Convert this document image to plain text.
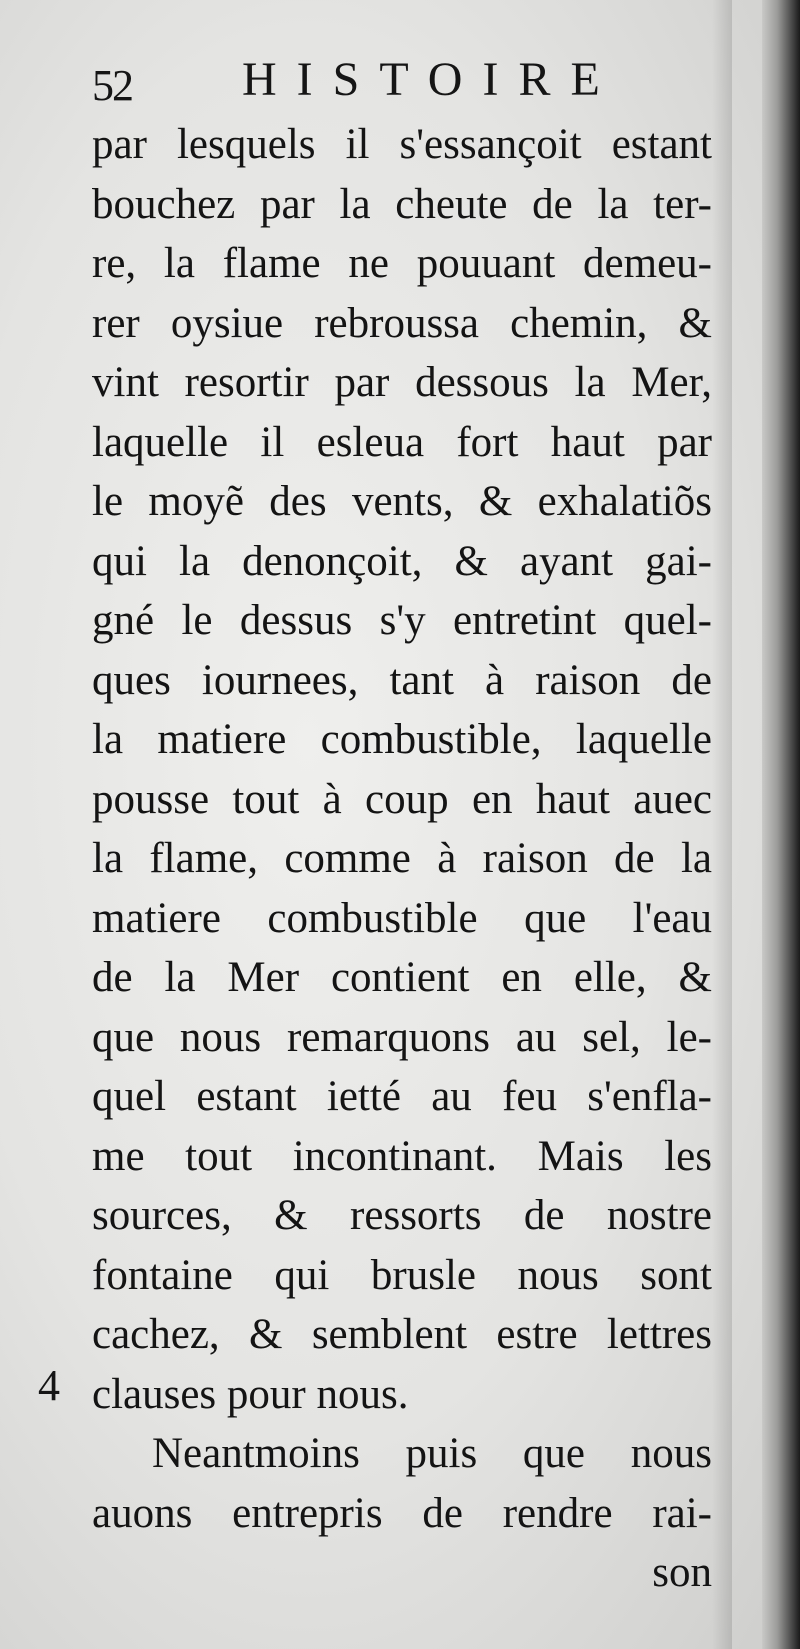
52 HISTOIRE
par lesquels il s'essançoit estant
bouchez par la cheute de la ter-
re, la flame ne pouuant demeu-
rer oysiue rebroussa chemin, &
vint resortir par dessous la Mer,
laquelle il esleua fort haut par
le moyẽ des vents, & exhalatiõs
qui la denonçoit, & ayant gai-
gné le dessus s'y entretint quel-
ques iournees, tant à raison de
la matiere combustible, laquelle
pousse tout à coup en haut auec
la flame, comme à raison de la
matiere combustible que l'eau
de la Mer contient en elle, &
que nous remarquons au sel, le-
quel estant ietté au feu s'enfla-
me tout incontinant. Mais les
sources, & ressorts de nostre
fontaine qui brusle nous sont
cachez, & semblent estre lettres
clauses pour nous.
Neantmoins puis que nous
auons entrepris de rendre rai-
son
4
